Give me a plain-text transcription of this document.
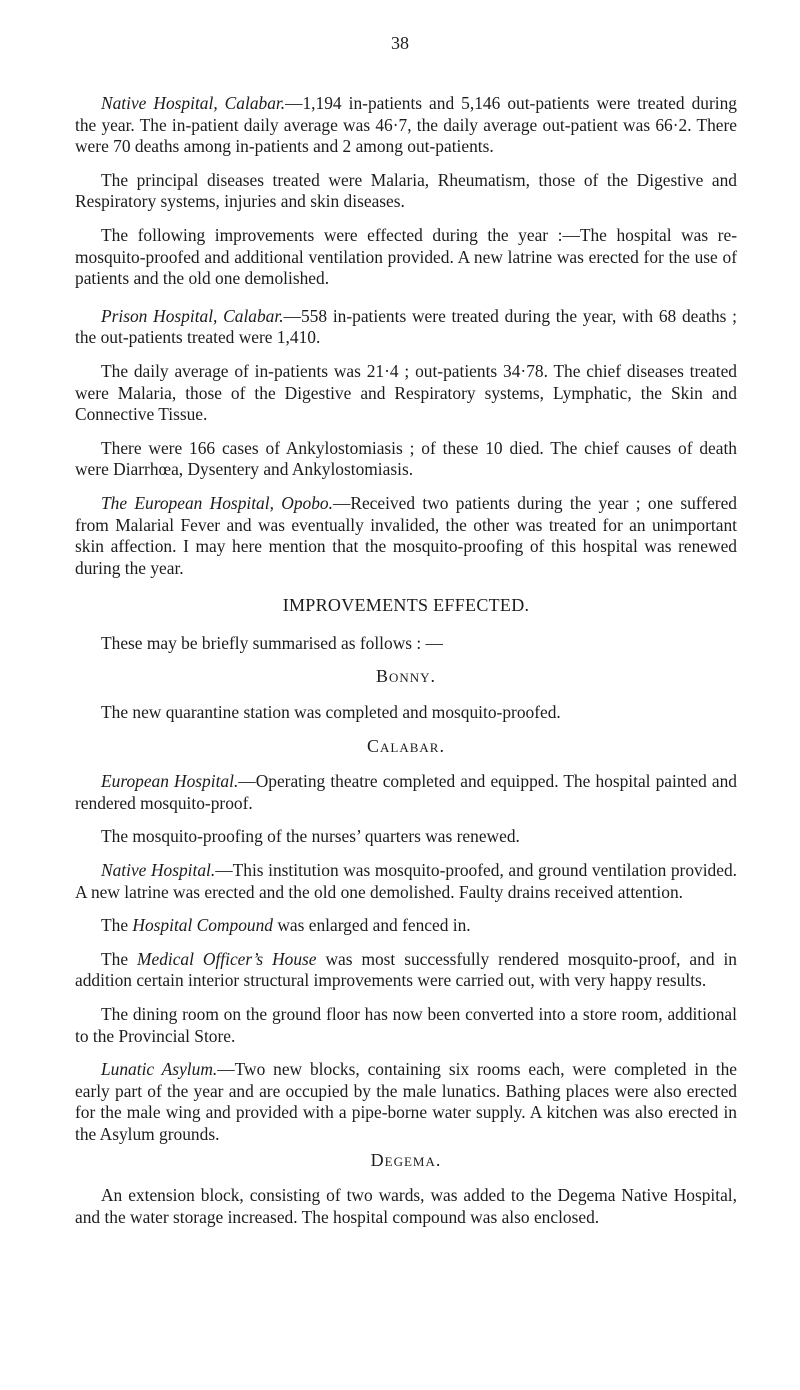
38

Native Hospital, Calabar.—1,194 in-patients and 5,146 out-patients were treated during the year. The in-patient daily average was 46·7, the daily average out-patient was 66·2. There were 70 deaths among in-patients and 2 among out-patients.

The principal diseases treated were Malaria, Rheumatism, those of the Digestive and Respiratory systems, injuries and skin diseases.

The following improvements were effected during the year :—The hospital was re-mosquito-proofed and additional ventilation provided. A new latrine was erected for the use of patients and the old one demolished.

Prison Hospital, Calabar.—558 in-patients were treated during the year, with 68 deaths ; the out-patients treated were 1,410.

The daily average of in-patients was 21·4 ; out-patients 34·78. The chief diseases treated were Malaria, those of the Digestive and Respiratory systems, Lymphatic, the Skin and Connective Tissue.

There were 166 cases of Ankylostomiasis ; of these 10 died. The chief causes of death were Diarrhœa, Dysentery and Ankylostomiasis.

The European Hospital, Opobo.—Received two patients during the year ; one suffered from Malarial Fever and was eventually invalided, the other was treated for an unimportant skin affection. I may here mention that the mosquito-proofing of this hospital was renewed during the year.

IMPROVEMENTS EFFECTED.

These may be briefly summarised as follows : —

Bonny.

The new quarantine station was completed and mosquito-proofed.

Calabar.

European Hospital.—Operating theatre completed and equipped. The hospital painted and rendered mosquito-proof.

The mosquito-proofing of the nurses’ quarters was renewed.

Native Hospital.—This institution was mosquito-proofed, and ground ventilation provided. A new latrine was erected and the old one demolished. Faulty drains received attention.

The Hospital Compound was enlarged and fenced in.

The Medical Officer’s House was most successfully rendered mosquito-proof, and in addition certain interior structural improvements were carried out, with very happy results.

The dining room on the ground floor has now been converted into a store room, additional to the Provincial Store.

Lunatic Asylum.—Two new blocks, containing six rooms each, were completed in the early part of the year and are occupied by the male lunatics. Bathing places were also erected for the male wing and provided with a pipe-borne water supply. A kitchen was also erected in the Asylum grounds.

Degema.

An extension block, consisting of two wards, was added to the Degema Native Hospital, and the water storage increased. The hospital compound was also enclosed.
